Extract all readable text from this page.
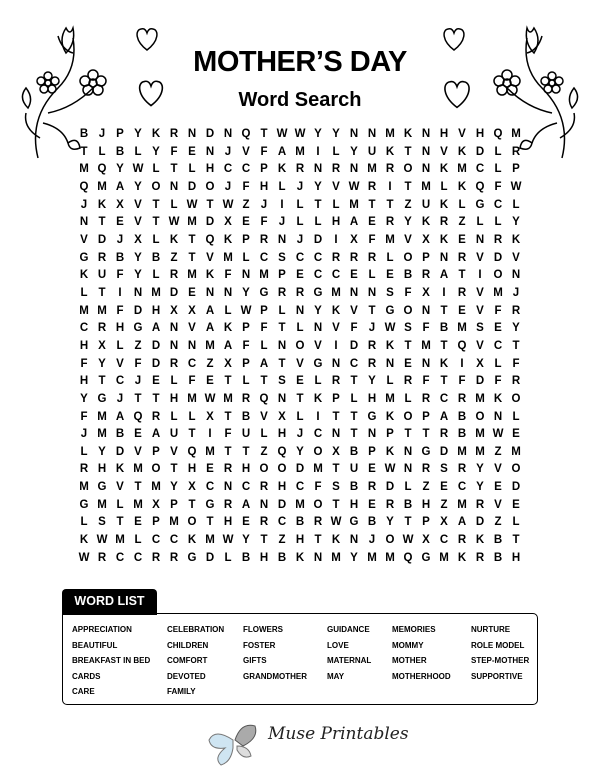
MOTHER’S DAY
Word Search
B J P Y K R N D N Q T W W Y Y N N M K N H V H Q M
T L B L Y F E N J V F A M	I	L Y U K T N V K D L R
M Q Y W L T L H C C P K R N R N M R O N K M C L P
Q M A Y O N D O J F H L J Y V W R	I	T M L K Q F W
J K X V T L W T W Z J	I	L T L M T T Z U K L G C L
N T E V T W M D X E F J L L H A E R Y K R Z L L Y
V D J X L K T Q K P R N J D	I	X F M V X K E N R K
G R B Y B Z T V M L C S C C R R R L O P N R V D V
K U F Y L R M K F N M P E C C E L E B R A T	I	O N
L T	I	N M D E N N Y G R R G M N N S F X	I	R V M J
M M F D H X X A L W P L N Y K V T G O N T E V F R
C R H G A N V A K P F T L N V F J W S F B M S E Y
H X L Z D N N M A F L N O V	I	D R K T M T Q V C T
F Y V F D R C Z X P A T V G N C R N E N K	I	X L F
H T C J E L F E T L T S E L R T Y L R F T F D F R
Y G J T T H M W M R Q N T K P L H M L R C R M K O
F M A Q R L L X T B V X L	I	T T G K O P A B O N L
J M B E A U T	I	F U L H J C N T N P T T R B M W E
L Y D V P V Q M T T Z Q Y O X B P K N G D M M Z M
R H K M O T H E R H O O D M T U E W N R S R Y V O
M G V T M Y X C N C R H C F S B R D L Z E C Y E D
G M L M X P T G R A N D M O T H E R B H Z M R V E
L S T E P M O T H E R C B R W G B Y T P X A D Z L
K W M L C C K M W Y T Z H T K N J O W X C R K B T
W R C C R R G D L B H B K N M Y M M Q G M K R B H
WORD LIST
APPRECIATION
BEAUTIFUL
BREAKFAST IN BED
CARDS
CARE
CELEBRATION
CHILDREN
COMFORT
DEVOTED
FAMILY
FLOWERS
FOSTER
GIFTS
GRANDMOTHER
GUIDANCE
LOVE
MATERNAL
MAY
MEMORIES
MOMMY
MOTHER
MOTHERHOOD
NURTURE
ROLE MODEL
STEP-MOTHER
SUPPORTIVE
Muse Printables
